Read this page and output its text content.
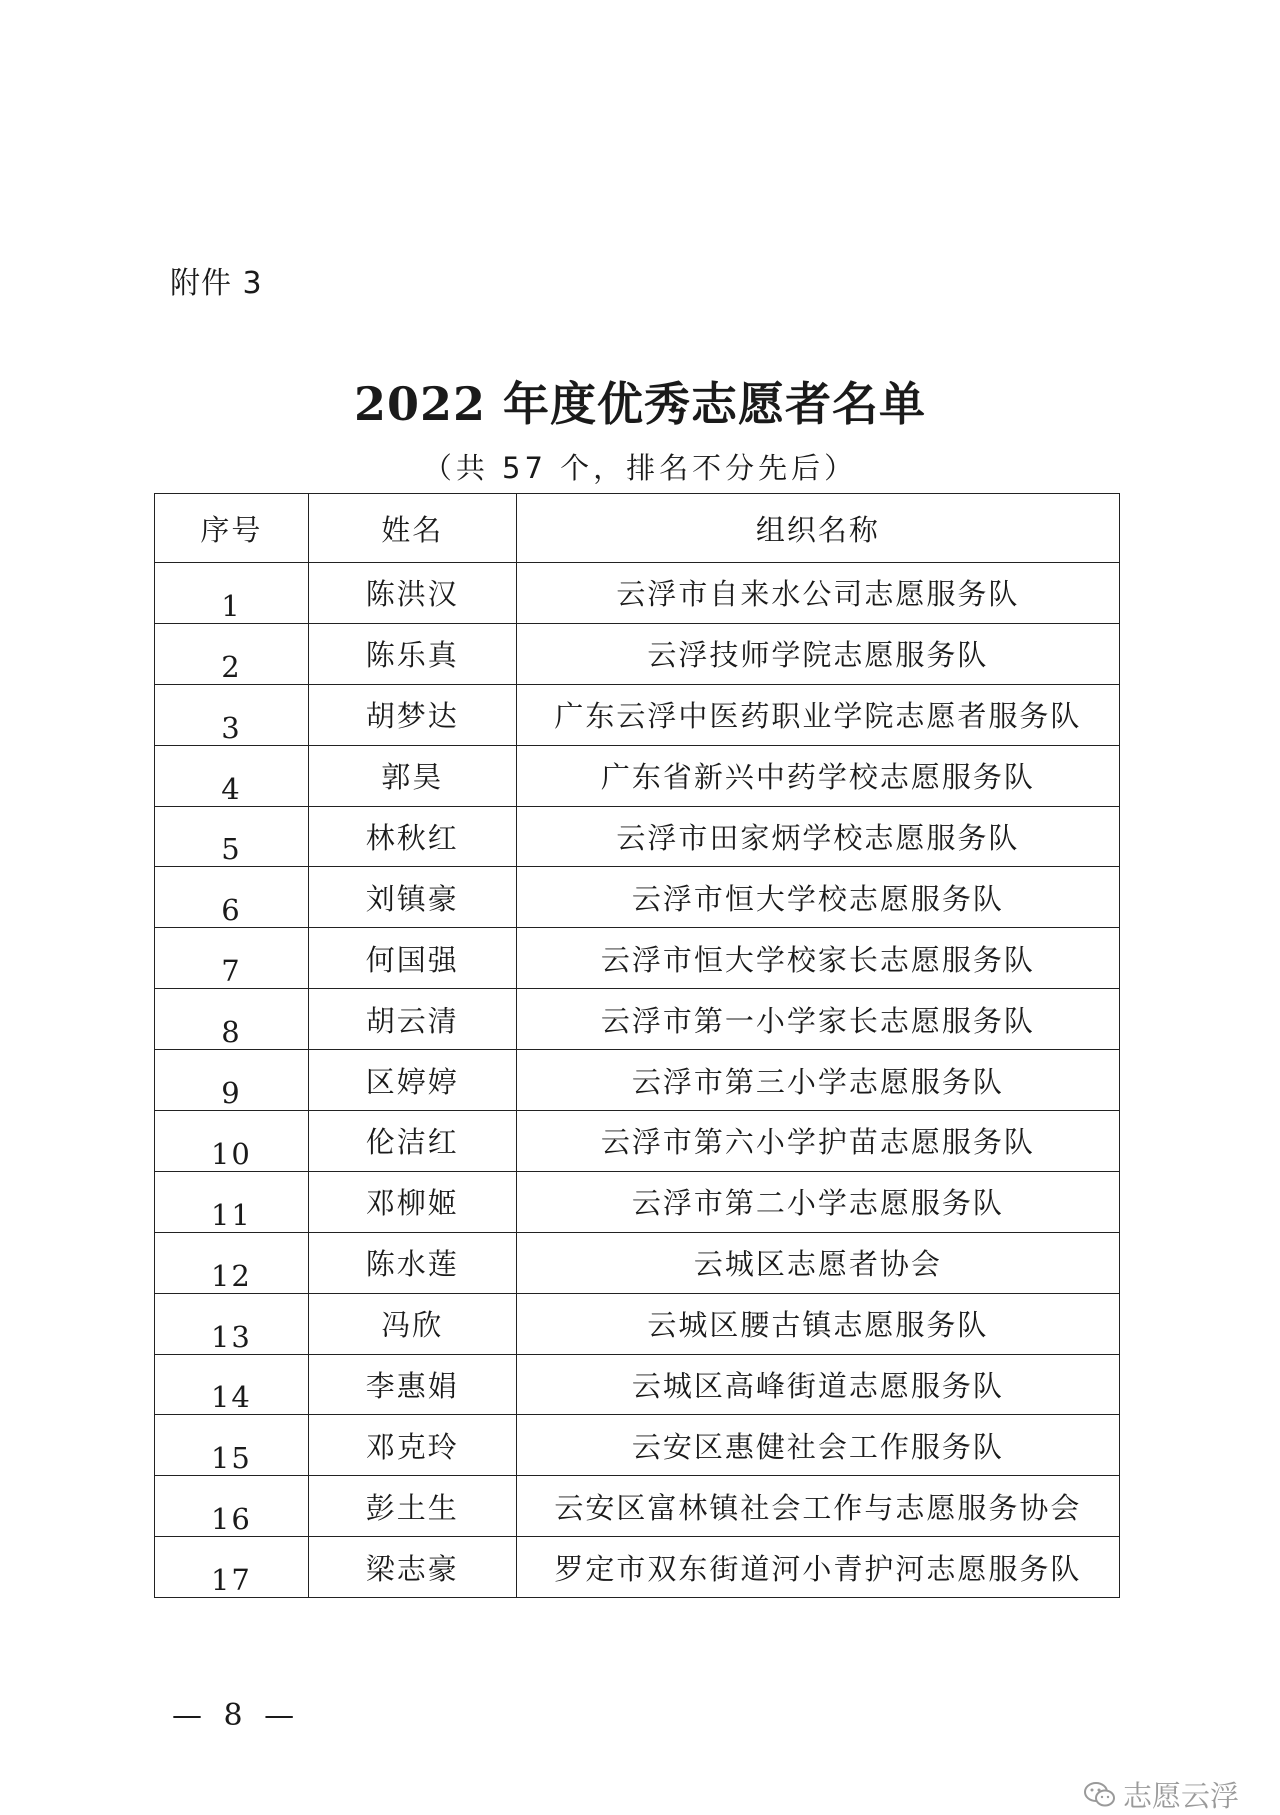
附件 3
2022 年度优秀志愿者名单
（共 57 个，排名不分先后）
序号	姓名	组织名称
1	陈洪汉	云浮市自来水公司志愿服务队
2	陈乐真	云浮技师学院志愿服务队
3	胡梦达	广东云浮中医药职业学院志愿者服务队
4	郭昊	广东省新兴中药学校志愿服务队
5	林秋红	云浮市田家炳学校志愿服务队
6	刘镇豪	云浮市恒大学校志愿服务队
7	何国强	云浮市恒大学校家长志愿服务队
8	胡云清	云浮市第一小学家长志愿服务队
9	区婷婷	云浮市第三小学志愿服务队
10	伦洁红	云浮市第六小学护苗志愿服务队
11	邓柳姬	云浮市第二小学志愿服务队
12	陈水莲	云城区志愿者协会
13	冯欣	云城区腰古镇志愿服务队
14	李惠娟	云城区高峰街道志愿服务队
15	邓克玲	云安区惠健社会工作服务队
16	彭土生	云安区富林镇社会工作与志愿服务协会
17	梁志豪	罗定市双东街道河小青护河志愿服务队
— 8 —
志愿云浮
